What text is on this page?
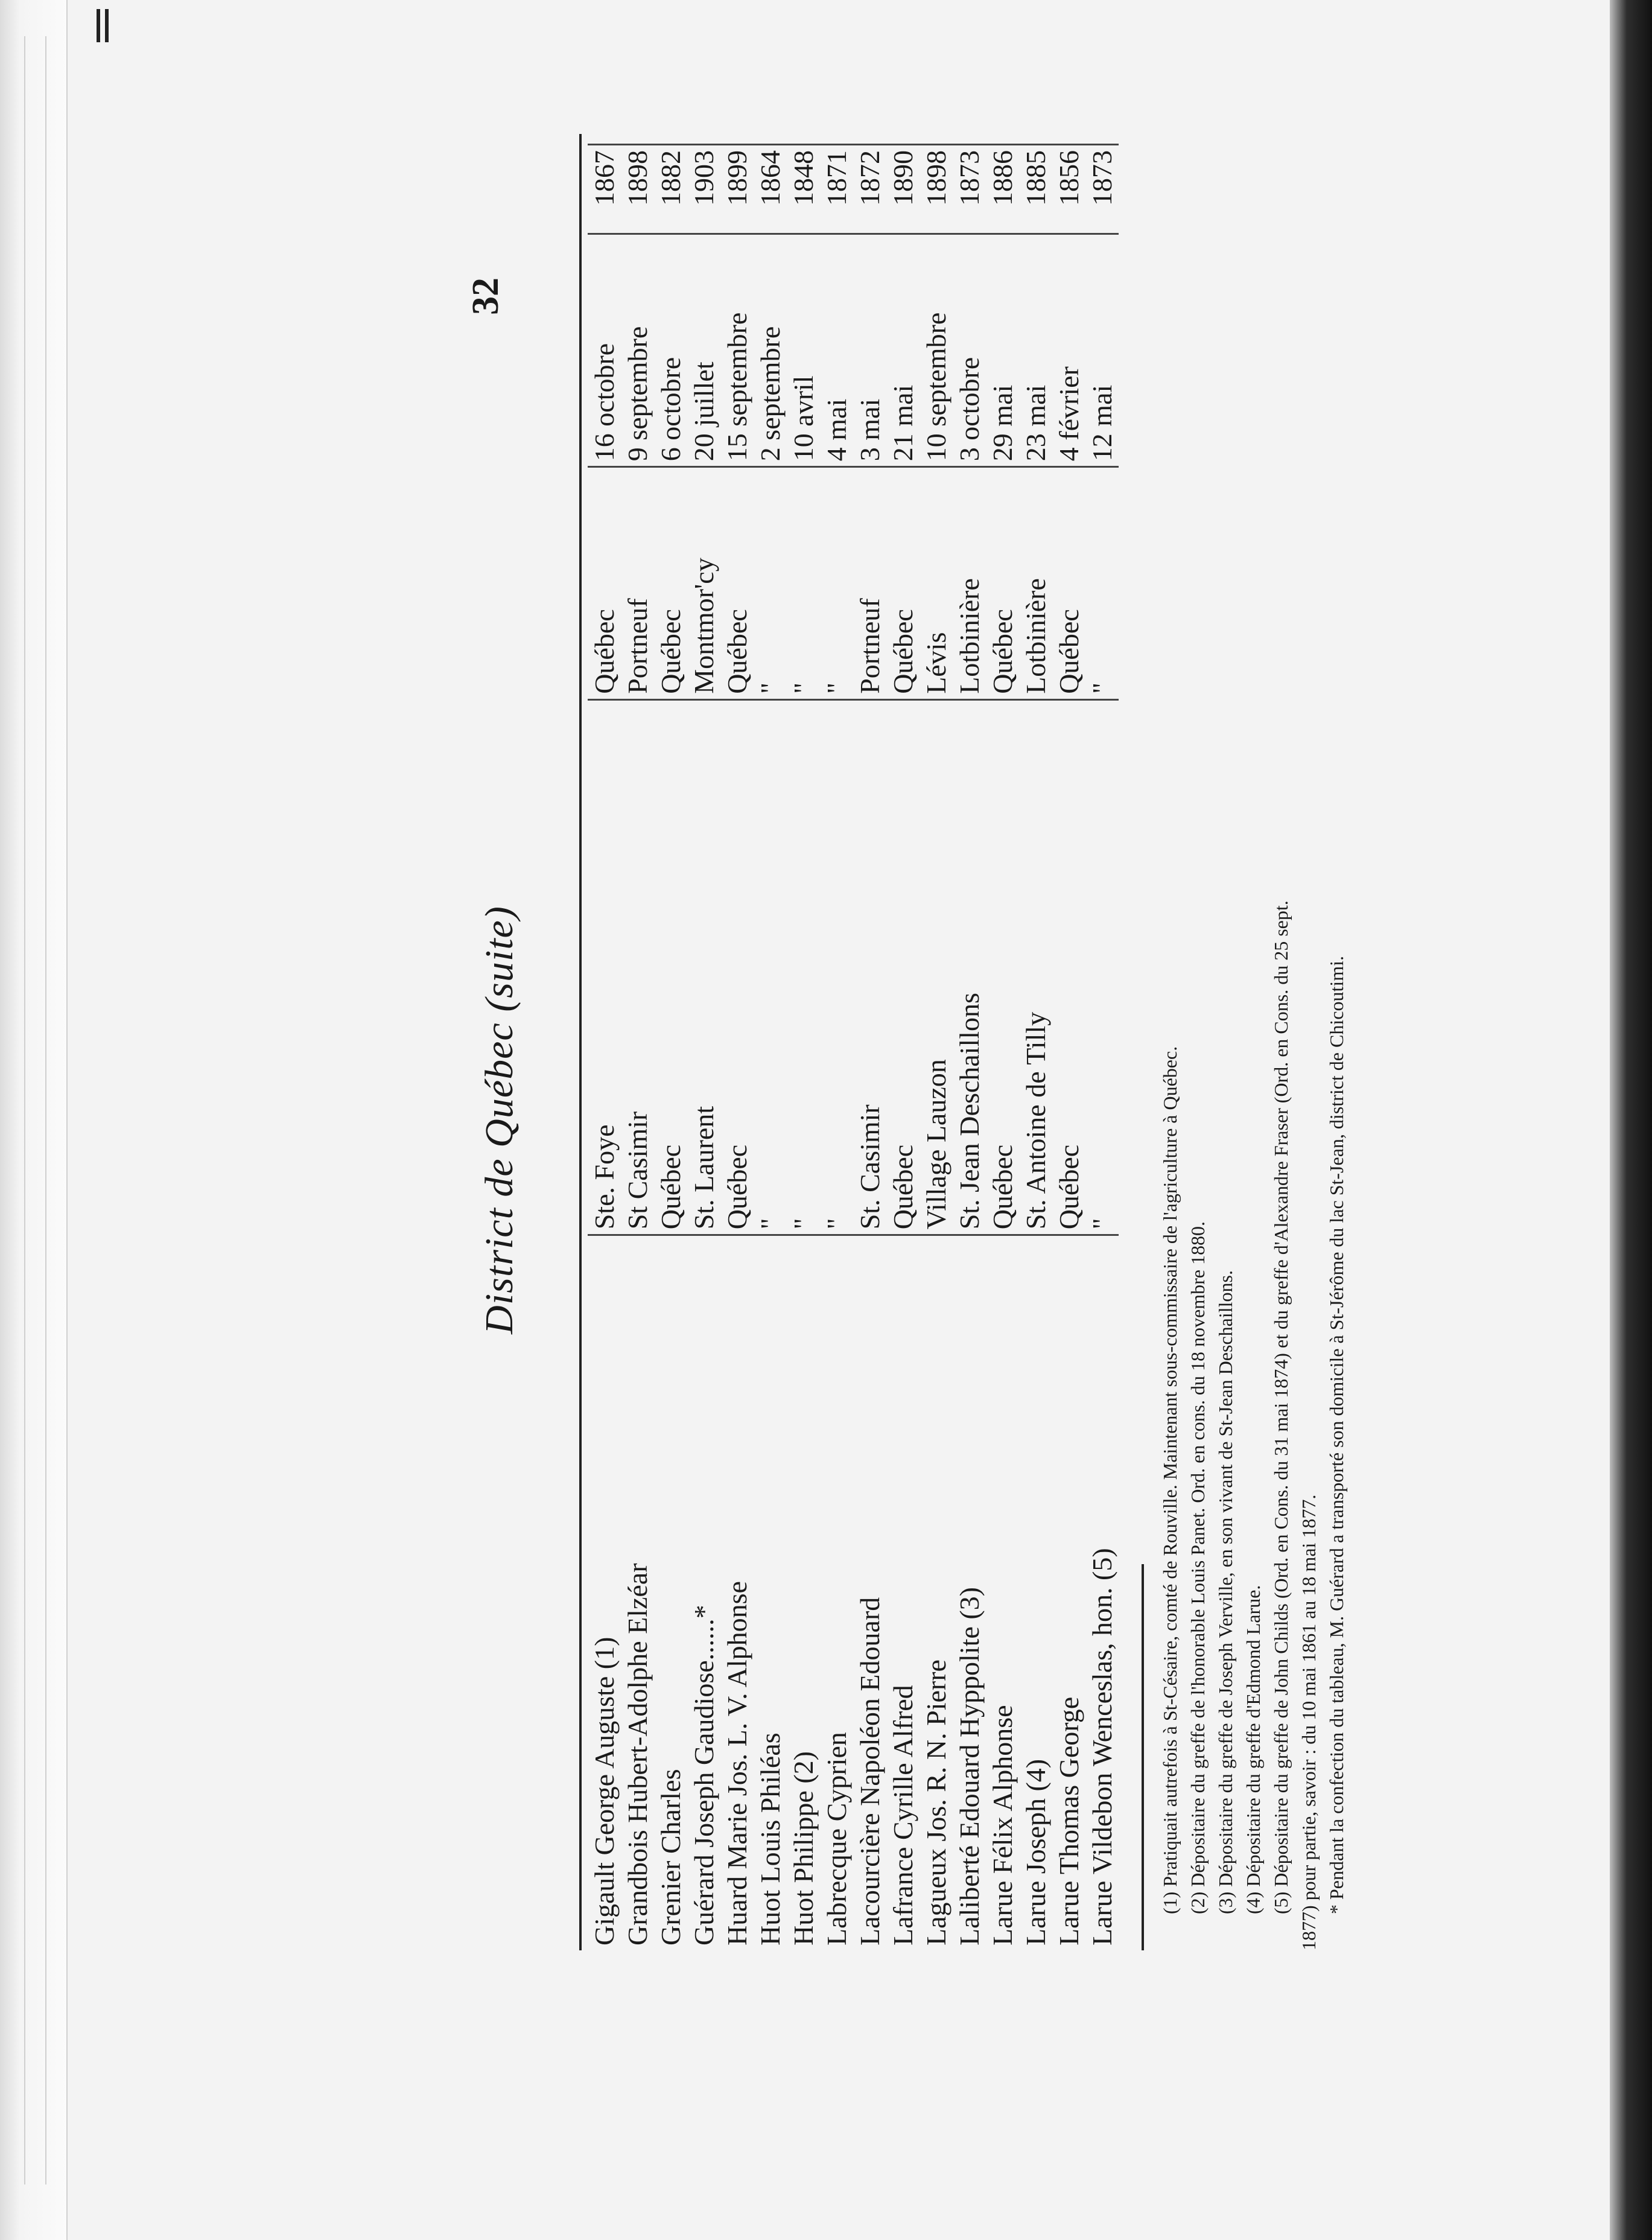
District de Québec (suite)
32
Gigault George Auguste (1)	Ste. Foye	Québec	16 octobre	1867	
Grandbois Hubert-Adolphe Elzéar	St Casimir	Portneuf	9 septembre	1898	
Grenier Charles	Québec	Québec	6 octobre	1882	
Guérard Joseph Gaudiose......*	St. Laurent	Montmor'cy	20 juillet	1903	
Huard Marie Jos. L. V. Alphonse	Québec	Québec	15 septembre	1899	
Huot Louis Philéas	"	"	2 septembre	1864	
Huot Philippe (2)	"	"	10 avril	1848	
Labrecque Cyprien	"	"	4 mai	1871	
Lacourcière Napoléon Edouard	St. Casimir	Portneuf	3 mai	1872	
Lafrance Cyrille Alfred	Québec	Québec	21 mai	1890	
Laguеux Jos. R. N. Pierre	Village Lauzon	Lévis	10 septembre	1898	
Laliberté Edouard Hyppolite (3)	St. Jean Deschaillons	Lotbinière	3 octobre	1873	
Larue Félix Alphonse	Québec	Québec	29 mai	1886	
Larue Joseph (4)	St. Antoine de Tilly	Lotbinière	23 mai	1885	
Larue Thomas George	Québec	Québec	4 février	1856	
Larue Vildebon Wenceslas, hon. (5)	"	"	12 mai	1873	
(1) Pratiquait autrefois à St-Césaire, comté de Rouville. Maintenant sous-commissaire de l'agriculture à Québec. (2) Dépositaire du greffe de l'honorable Louis Panet. Ord. en cons. du 18 novembre 1880. (3) Dépositaire du greffe de Joseph Verville, en son vivant de St-Jean Deschaillons. (4) Dépositaire du greffe d'Edmond Larue. (5) Dépositaire du greffe de John Childs (Ord. en Cons. du 31 mai 1874) et du greffe d'Alexandre Fraser (Ord. en Cons. du 25 sept. 1877) pour partie, savoir : du 10 mai 1861 au 18 mai 1877. * Pendant la confection du tableau, M. Guérard a transporté son domicile à St-Jérôme du lac St-Jean, district de Chicoutimi.
